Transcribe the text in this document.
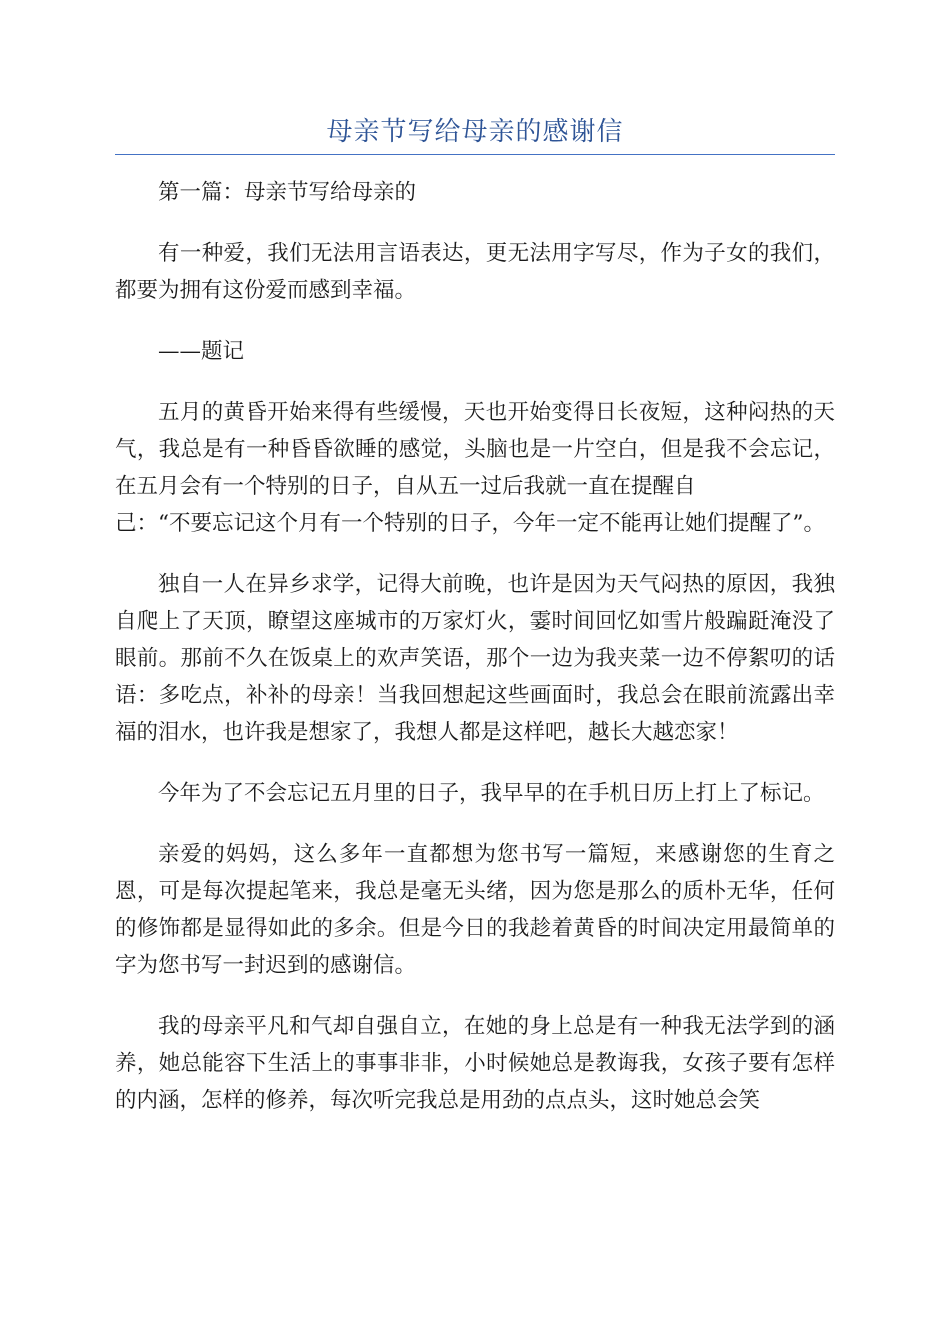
母亲节写给母亲的感谢信

第一篇：母亲节写给母亲的

有一种爱，我们无法用言语表达，更无法用字写尽，作为子女的我们，都要为拥有这份爱而感到幸福。

——题记

五月的黄昏开始来得有些缓慢，天也开始变得日长夜短，这种闷热的天气，我总是有一种昏昏欲睡的感觉，头脑也是一片空白，但是我不会忘记，在五月会有一个特别的日子，自从五一过后我就一直在提醒自
己：“不要忘记这个月有一个特别的日子，今年一定不能再让她们提醒了”。

独自一人在异乡求学，记得大前晚，也许是因为天气闷热的原因，我独自爬上了天顶，瞭望这座城市的万家灯火，霎时间回忆如雪片般蹁跹淹没了眼前。那前不久在饭桌上的欢声笑语，那个一边为我夹菜一边不停絮叨的话语：多吃点，补补的母亲！当我回想起这些画面时，我总会在眼前流露出幸福的泪水，也许我是想家了，我想人都是这样吧，越长大越恋家！

今年为了不会忘记五月里的日子，我早早的在手机日历上打上了标记。

亲爱的妈妈，这么多年一直都想为您书写一篇短，来感谢您的生育之恩，可是每次提起笔来，我总是毫无头绪，因为您是那么的质朴无华，任何的修饰都是显得如此的多余。但是今日的我趁着黄昏的时间决定用最简单的字为您书写一封迟到的感谢信。

我的母亲平凡和气却自强自立，在她的身上总是有一种我无法学到的涵养，她总能容下生活上的事事非非，小时候她总是教诲我，女孩子要有怎样的内涵，怎样的修养，每次听完我总是用劲的点点头，这时她总会笑
